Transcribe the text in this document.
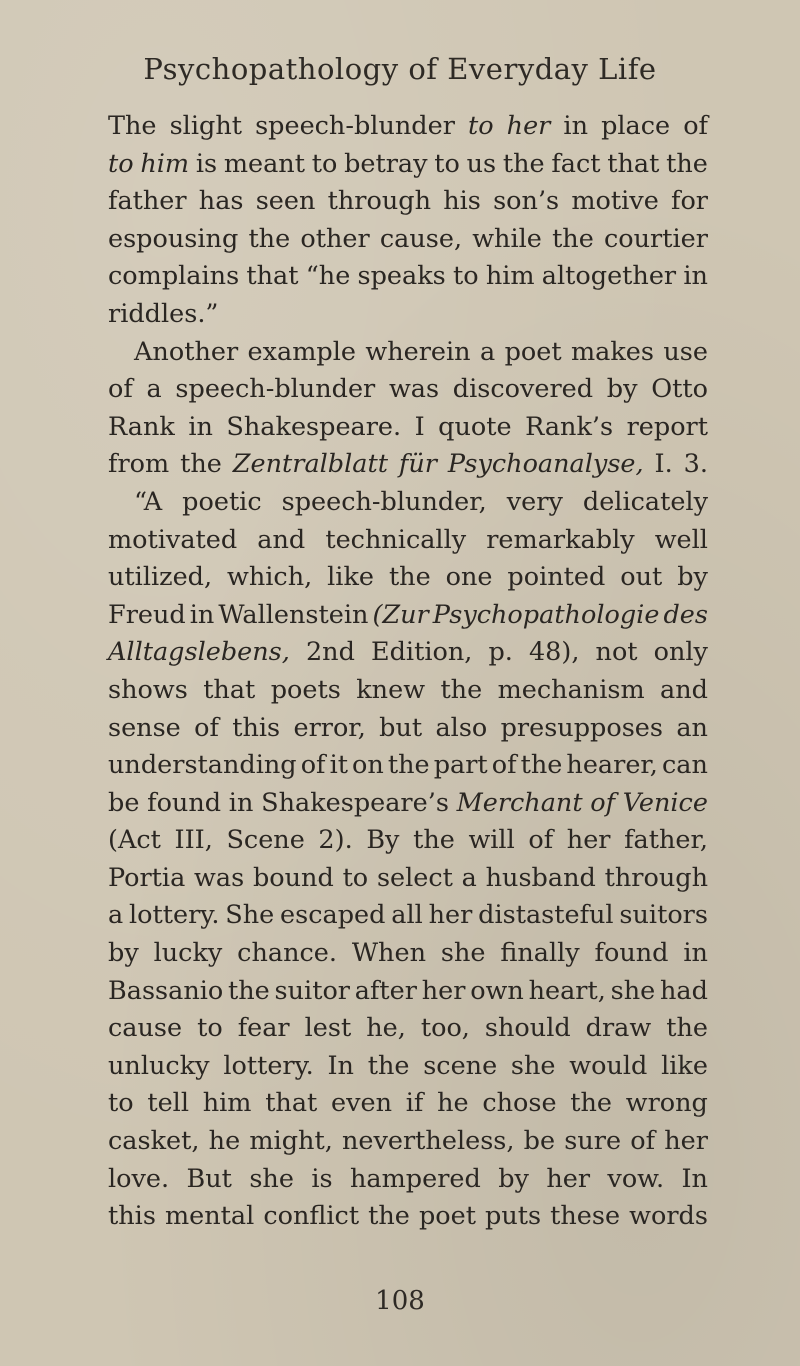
Psychopathology of Everyday Life
The slight speech-blunder to her in place of
to him is meant to betray to us the fact that the
father has seen through his son’s motive for
espousing the other cause, while the courtier
complains that “he speaks to him altogether in
riddles.”
Another example wherein a poet makes use
of a speech-blunder was discovered by Otto
Rank in Shakespeare. I quote Rank’s report
from the Zentralblatt für Psychoanalyse, I. 3.
“A poetic speech-blunder, very delicately
motivated and technically remarkably well
utilized, which, like the one pointed out by
Freud in Wallenstein (Zur Psychopathologie des
Alltagslebens, 2nd Edition, p. 48), not only
shows that poets knew the mechanism and
sense of this error, but also presupposes an
understanding of it on the part of the hearer, can
be found in Shakespeare’s Merchant of Venice
(Act III, Scene 2). By the will of her father,
Portia was bound to select a husband through
a lottery. She escaped all her distasteful suitors
by lucky chance. When she finally found in
Bassanio the suitor after her own heart, she had
cause to fear lest he, too, should draw the
unlucky lottery. In the scene she would like
to tell him that even if he chose the wrong
casket, he might, nevertheless, be sure of her
love. But she is hampered by her vow. In
this mental conflict the poet puts these words
108
